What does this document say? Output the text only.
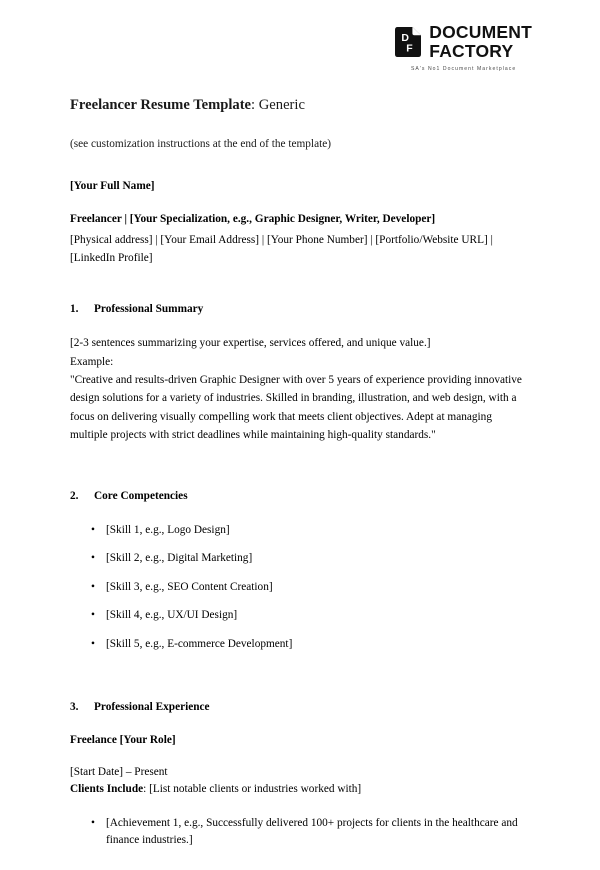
D
F
DOCUMENT
FACTORY
SA's No1 Document Marketplace
Freelancer Resume Template: Generic

(see customization instructions at the end of the template)

[Your Full Name]

Freelancer | [Your Specialization, e.g., Graphic Designer, Writer, Developer]

[Physical address] | [Your Email Address] | [Your Phone Number] | [Portfolio/Website URL] | [LinkedIn Profile]

1.	Professional Summary

[2-3 sentences summarizing your expertise, services offered, and unique value.]

Example:

"Creative and results-driven Graphic Designer with over 5 years of experience providing innovative design solutions for a variety of industries. Skilled in branding, illustration, and web design, with a focus on delivering visually compelling work that meets client objectives. Adept at managing multiple projects with strict deadlines while maintaining high-quality standards."

2.	Core Competencies
• [Skill 1, e.g., Logo Design]
• [Skill 2, e.g., Digital Marketing]
• [Skill 3, e.g., SEO Content Creation]
• [Skill 4, e.g., UX/UI Design]
• [Skill 5, e.g., E-commerce Development]
3.	Professional Experience

Freelance [Your Role]

[Start Date] – Present

Clients Include: [List notable clients or industries worked with]

• [Achievement 1, e.g., Successfully delivered 100+ projects for clients in the healthcare and finance industries.]
